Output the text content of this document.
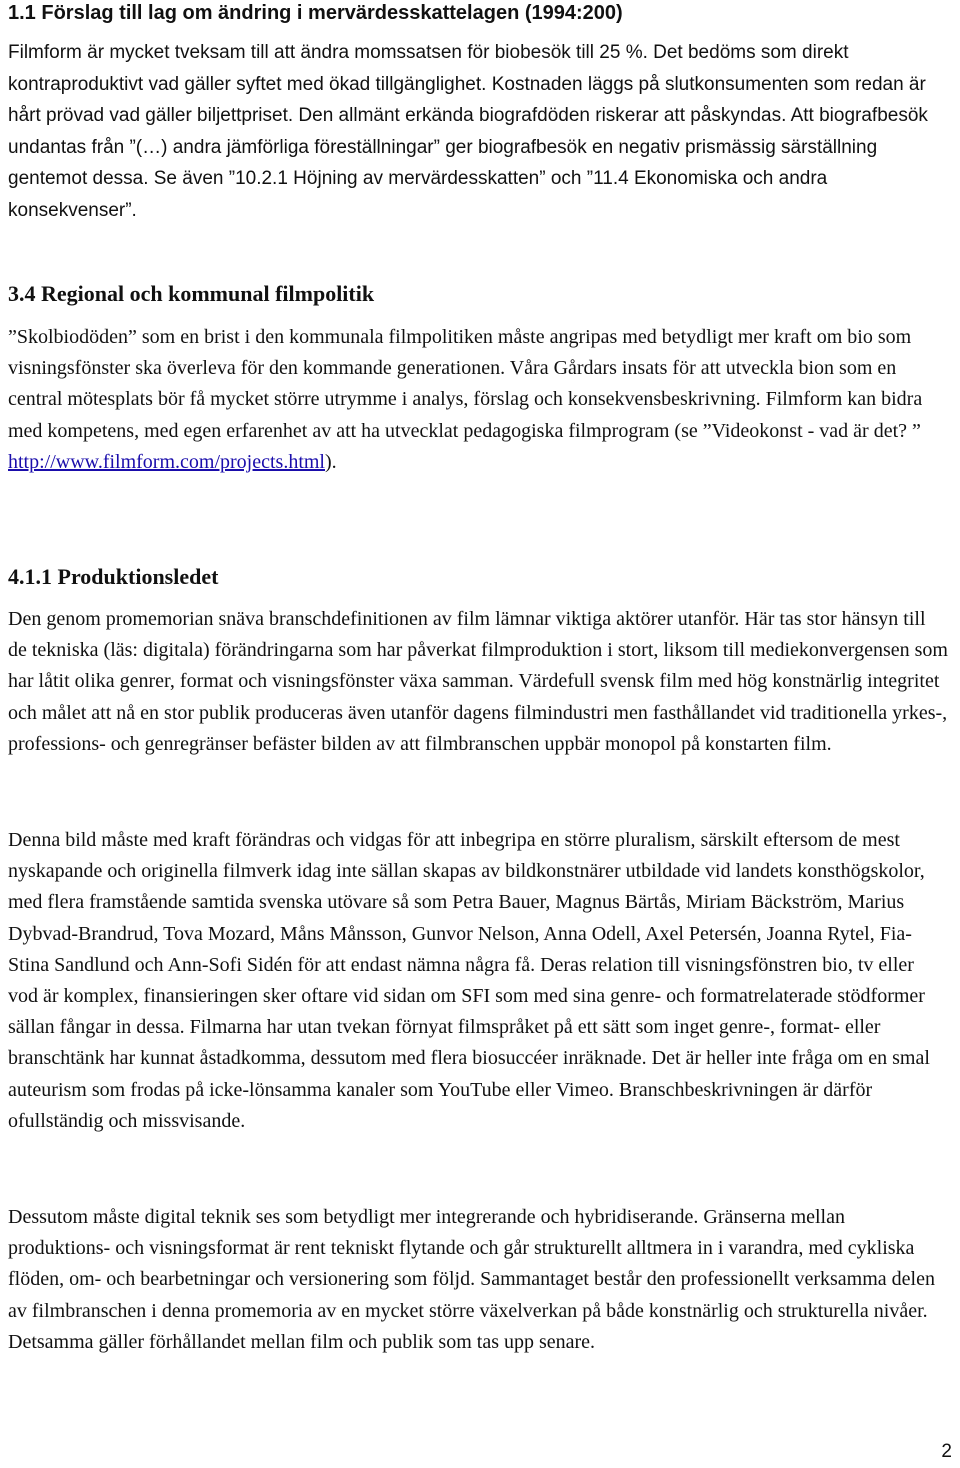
1.1 Förslag till lag om ändring i mervärdesskattelagen (1994:200)

Filmform är mycket tveksam till att ändra momssatsen för biobesök till 25 %. Det bedöms som direkt kontraproduktivt vad gäller syftet med ökad tillgänglighet. Kostnaden läggs på slutkonsumenten som redan är hårt prövad vad gäller biljettpriset. Den allmänt erkända biografdöden riskerar att påskyndas. Att biografbesök undantas från ”(…) andra jämförliga föreställningar” ger biografbesök en negativ prismässig särställning gentemot dessa. Se även ”10.2.1 Höjning av mervärdesskatten” och ”11.4 Ekonomiska och andra konsekvenser”.

3.4 Regional och kommunal filmpolitik

”Skolbiodöden” som en brist i den kommunala filmpolitiken måste angripas med betydligt mer kraft om bio som visningsfönster ska överleva för den kommande generationen. Våra Gårdars insats för att utveckla bion som en central mötesplats bör få mycket större utrymme i analys, förslag och konsekvensbeskrivning. Filmform kan bidra med kompetens, med egen erfarenhet av att ha utvecklat pedagogiska filmprogram (se ”Videokonst - vad är det? ” http://www.filmform.com/projects.html).

4.1.1 Produktionsledet

Den genom promemorian snäva branschdefinitionen av film lämnar viktiga aktörer utanför. Här tas stor hänsyn till de tekniska (läs: digitala) förändringarna som har påverkat filmproduktion i stort, liksom till mediekonvergensen som har låtit olika genrer, format och visningsfönster växa samman. Värdefull svensk film med hög konstnärlig integritet och målet att nå en stor publik produceras även utanför dagens filmindustri men fasthållandet vid traditionella yrkes-, professions- och genregränser befäster bilden av att filmbranschen uppbär monopol på konstarten film.

Denna bild måste med kraft förändras och vidgas för att inbegripa en större pluralism, särskilt eftersom de mest nyskapande och originella filmverk idag inte sällan skapas av bildkonstnärer utbildade vid landets konsthögskolor, med flera framstående samtida svenska utövare så som Petra Bauer, Magnus Bärtås, Miriam Bäckström, Marius Dybvad-Brandrud, Tova Mozard, Måns Månsson, Gunvor Nelson, Anna Odell, Axel Petersén, Joanna Rytel, Fia-Stina Sandlund och Ann-Sofi Sidén för att endast nämna några få. Deras relation till visningsfönstren bio, tv eller vod är komplex, finansieringen sker oftare vid sidan om SFI som med sina genre- och formatrelaterade stödformer sällan fångar in dessa. Filmarna har utan tvekan förnyat filmspråket på ett sätt som inget genre-, format- eller branschtänk har kunnat åstadkomma, dessutom med flera biosuccéer inräknade. Det är heller inte fråga om en smal auteurism som frodas på icke-lönsamma kanaler som YouTube eller Vimeo. Branschbeskrivningen är därför ofullständig och missvisande.

Dessutom måste digital teknik ses som betydligt mer integrerande och hybridiserande. Gränserna mellan produktions- och visningsformat är rent tekniskt flytande och går strukturellt alltmera in i varandra, med cykliska flöden, om- och bearbetningar och versionering som följd. Sammantaget består den professionellt verksamma delen av filmbranschen i denna promemoria av en mycket större växelverkan på både konstnärlig och strukturella nivåer. Detsamma gäller förhållandet mellan film och publik som tas upp senare.

2
